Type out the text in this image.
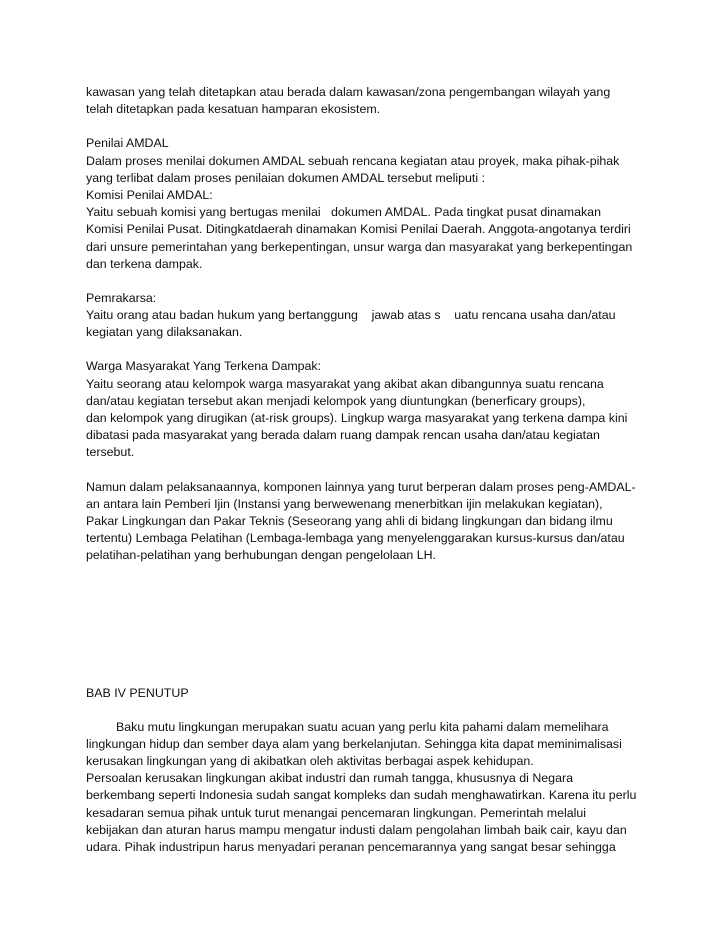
kawasan yang telah ditetapkan atau berada dalam kawasan/zona pengembangan wilayah yang
telah ditetapkan pada kesatuan hamparan ekosistem.
Penilai AMDAL
Dalam proses menilai dokumen AMDAL sebuah rencana kegiatan atau proyek, maka pihak-pihak
yang terlibat dalam proses penilaian dokumen AMDAL tersebut meliputi :
Komisi Penilai AMDAL:
Yaitu sebuah komisi yang bertugas menilai   dokumen AMDAL. Pada tingkat pusat dinamakan
Komisi Penilai Pusat. Ditingkatdaerah dinamakan Komisi Penilai Daerah. Anggota-angotanya terdiri
dari unsure pemerintahan yang berkepentingan, unsur warga dan masyarakat yang berkepentingan
dan terkena dampak.
Pemrakarsa:
Yaitu orang atau badan hukum yang bertanggung    jawab atas s    uatu rencana usaha dan/atau
kegiatan yang dilaksanakan.
Warga Masyarakat Yang Terkena Dampak:
Yaitu seorang atau kelompok warga masyarakat yang akibat akan dibangunnya suatu rencana
dan/atau kegiatan tersebut akan menjadi kelompok yang diuntungkan (benerficary groups),
dan kelompok yang dirugikan (at-risk groups). Lingkup warga masyarakat yang terkena dampa kini
dibatasi pada masyarakat yang berada dalam ruang dampak rencan usaha dan/atau kegiatan
tersebut.
Namun dalam pelaksanaannya, komponen lainnya yang turut berperan dalam proses peng-AMDAL-
an antara lain Pemberi Ijin (Instansi yang berwewenang menerbitkan ijin melakukan kegiatan),
Pakar Lingkungan dan Pakar Teknis (Seseorang yang ahli di bidang lingkungan dan bidang ilmu
tertentu) Lembaga Pelatihan (Lembaga-lembaga yang menyelenggarakan kursus-kursus dan/atau
pelatihan-pelatihan yang berhubungan dengan pengelolaan LH.
BAB IV PENUTUP
Baku mutu lingkungan merupakan suatu acuan yang perlu kita pahami dalam memelihara
lingkungan hidup dan sember daya alam yang berkelanjutan. Sehingga kita dapat meminimalisasi
kerusakan lingkungan yang di akibatkan oleh aktivitas berbagai aspek kehidupan.
Persoalan kerusakan lingkungan akibat industri dan rumah tangga, khususnya di Negara
berkembang seperti Indonesia sudah sangat kompleks dan sudah menghawatirkan. Karena itu perlu
kesadaran semua pihak untuk turut menangai pencemaran lingkungan. Pemerintah melalui
kebijakan dan aturan harus mampu mengatur industi dalam pengolahan limbah baik cair, kayu dan
udara. Pihak industripun harus menyadari peranan pencemarannya yang sangat besar sehingga
